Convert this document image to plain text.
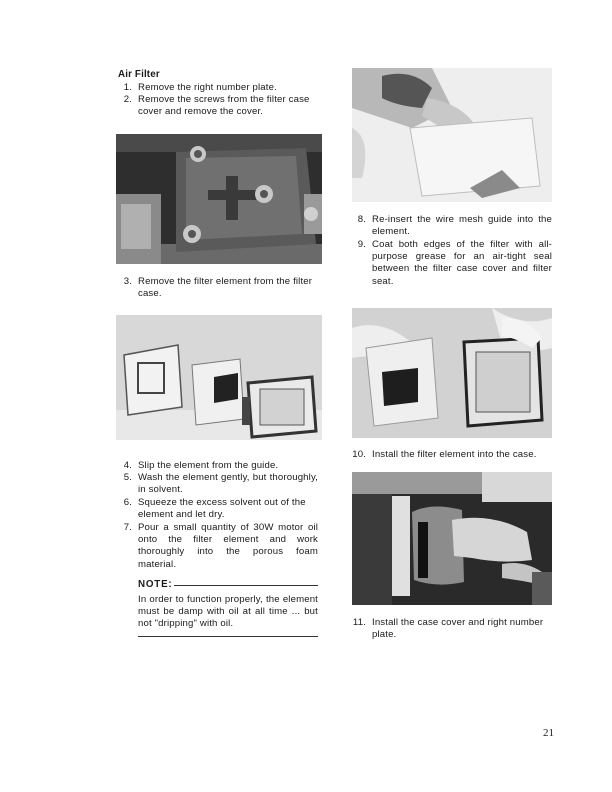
Air Filter
1. Remove the right number plate.
2. Remove the screws from the filter case cover and remove the cover.
3. Remove the filter element from the filter case.
4. Slip the element from the guide.
5. Wash the element gently, but thoroughly, in solvent.
6. Squeeze the excess solvent out of the element and let dry.
7. Pour a small quantity of 30W motor oil onto the filter element and work thoroughly into the porous foam material.
NOTE:
In order to function properly, the element must be damp with oil at all time ... but not "dripping" with oil.
8. Re-insert the wire mesh guide into the element.
9. Coat both edges of the filter with all-purpose grease for an air-tight seal between the filter case cover and filter seat.
10. Install the filter element into the case.
11. Install the case cover and right number plate.
21
